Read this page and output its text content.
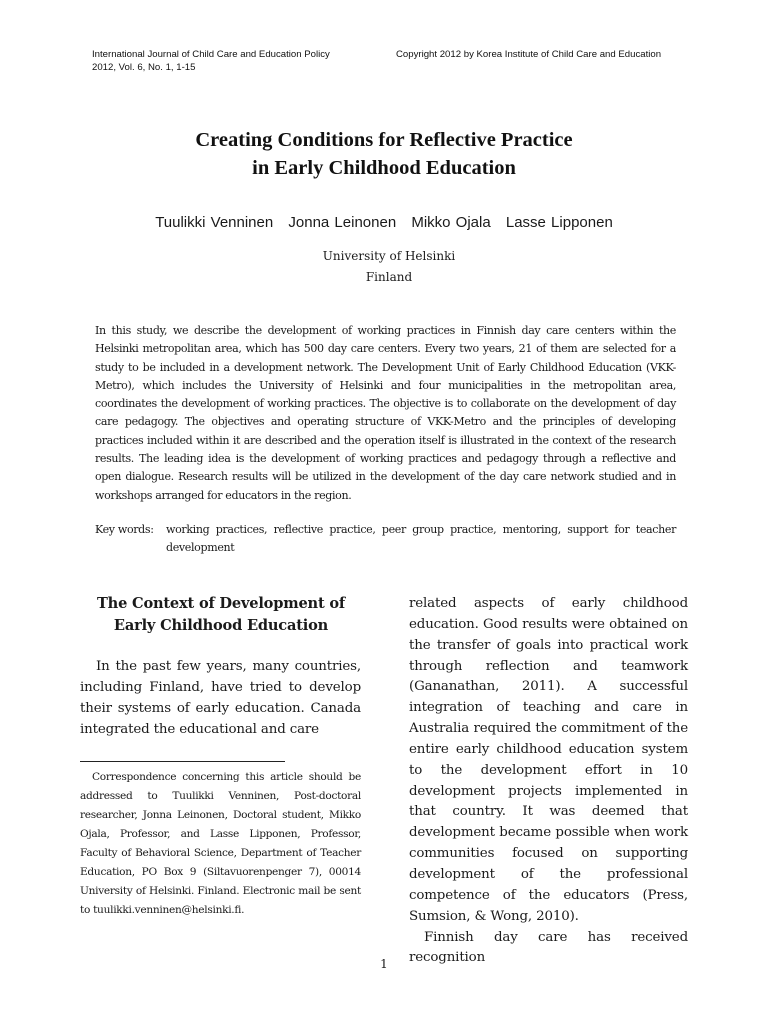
International Journal of Child Care and Education Policy
2012, Vol. 6, No. 1, 1-15
Copyright 2012 by Korea Institute of Child Care and Education
Creating Conditions for Reflective Practice
in Early Childhood Education
Tuulikki Venninen Jonna Leinonen Mikko Ojala Lasse Lipponen
University of Helsinki
Finland
In this study, we describe the development of working practices in Finnish day care centers within the Helsinki metropolitan area, which has 500 day care centers. Every two years, 21 of them are selected for a study to be included in a development network. The Development Unit of Early Childhood Education (VKK-Metro), which includes the University of Helsinki and four municipalities in the metropolitan area, coordinates the development of working practices. The objective is to collaborate on the development of day care pedagogy. The objectives and operating structure of VKK-Metro and the principles of developing practices included within it are described and the operation itself is illustrated in the context of the research results. The leading idea is the development of working practices and pedagogy through a reflective and open dialogue. Research results will be utilized in the development of the day care network studied and in workshops arranged for educators in the region.
Key words:	working practices, reflective practice, peer group practice, mentoring, support for teacher development
The Context of Development of
Early Childhood Education

In the past few years, many countries, including Finland, have tried to develop their systems of early education. Canada integrated the educational and care

Correspondence concerning this article should be addressed to Tuulikki Venninen, Post-doctoral researcher, Jonna Leinonen, Doctoral student, Mikko Ojala, Professor, and Lasse Lipponen, Professor, Faculty of Behavioral Science, Department of Teacher Education, PO Box 9 (Siltavuorenpenger 7), 00014 University of Helsinki. Finland. Electronic mail be sent to tuulikki.venninen@helsinki.fi.

related aspects of early childhood education. Good results were obtained on the transfer of goals into practical work through reflection and teamwork (Gananathan, 2011). A successful integration of teaching and care in Australia required the commitment of the entire early childhood education system to the development effort in 10 development projects implemented in that country. It was deemed that development became possible when work communities focused on supporting development of the professional competence of the educators (Press, Sumsion, & Wong, 2010).

Finnish day care has received recognition

1
